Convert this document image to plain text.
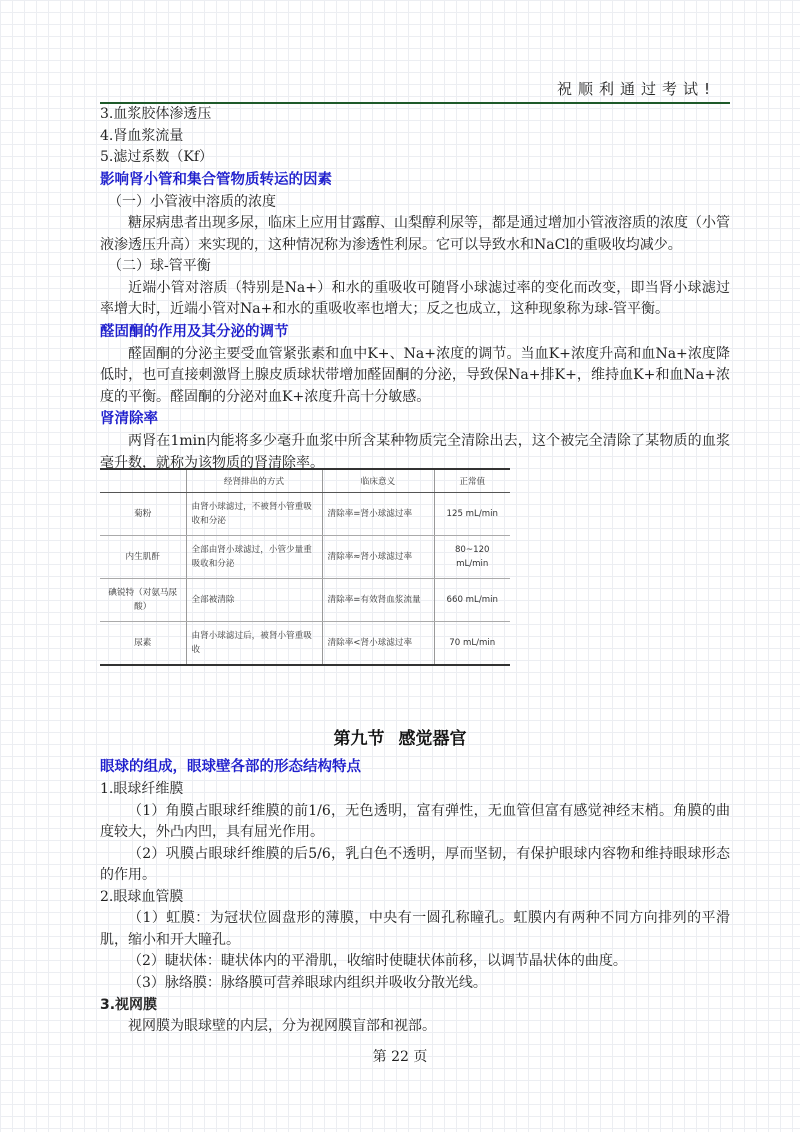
祝顺利通过考试!

3.血浆胶体渗透压

4.肾血浆流量

5.滤过系数（Kf）

影响肾小管和集合管物质转运的因素

（一）小管液中溶质的浓度

糖尿病患者出现多尿，临床上应用甘露醇、山梨醇利尿等，都是通过增加小管液溶质的浓度（小管液渗透压升高）来实现的，这种情况称为渗透性利尿。它可以导致水和NaCl的重吸收均减少。

（二）球-管平衡

近端小管对溶质（特别是Na+）和水的重吸收可随肾小球滤过率的变化而改变，即当肾小球滤过率增大时，近端小管对Na+和水的重吸收率也增大；反之也成立，这种现象称为球-管平衡。

醛固酮的作用及其分泌的调节

醛固酮的分泌主要受血管紧张素和血中K+、Na+浓度的调节。当血K+浓度升高和血Na+浓度降低时，也可直接刺激肾上腺皮质球状带增加醛固酮的分泌，导致保Na+排K+，维持血K+和血Na+浓度的平衡。醛固酮的分泌对血K+浓度升高十分敏感。

肾清除率

两肾在1min内能将多少毫升血浆中所含某种物质完全清除出去，这个被完全清除了某物质的血浆毫升数，就称为该物质的肾清除率。

	经肾排出的方式	临床意义	正常值
菊粉	由肾小球滤过，不被肾小管重吸收和分泌	清除率=肾小球滤过率	125 mL/min
内生肌酐	全部由肾小球滤过，小管少量重吸收和分泌	清除率≈肾小球滤过率	80~120 mL/min
碘锐特（对氨马尿酸）	全部被清除	清除率=有效肾血浆流量	660 mL/min
尿素	由肾小球滤过后，被肾小管重吸收	清除率<肾小球滤过率	70 mL/min
第九节 感觉器官

眼球的组成，眼球壁各部的形态结构特点

1.眼球纤维膜

（1）角膜占眼球纤维膜的前1/6，无色透明，富有弹性，无血管但富有感觉神经末梢。角膜的曲度较大，外凸内凹，具有屈光作用。

（2）巩膜占眼球纤维膜的后5/6，乳白色不透明，厚而坚韧，有保护眼球内容物和维持眼球形态的作用。

2.眼球血管膜

（1）虹膜：为冠状位圆盘形的薄膜，中央有一圆孔称瞳孔。虹膜内有两种不同方向排列的平滑肌，缩小和开大瞳孔。

（2）睫状体：睫状体内的平滑肌，收缩时使睫状体前移，以调节晶状体的曲度。

（3）脉络膜：脉络膜可营养眼球内组织并吸收分散光线。

3.视网膜

视网膜为眼球壁的内层，分为视网膜盲部和视部。

第 22 页
